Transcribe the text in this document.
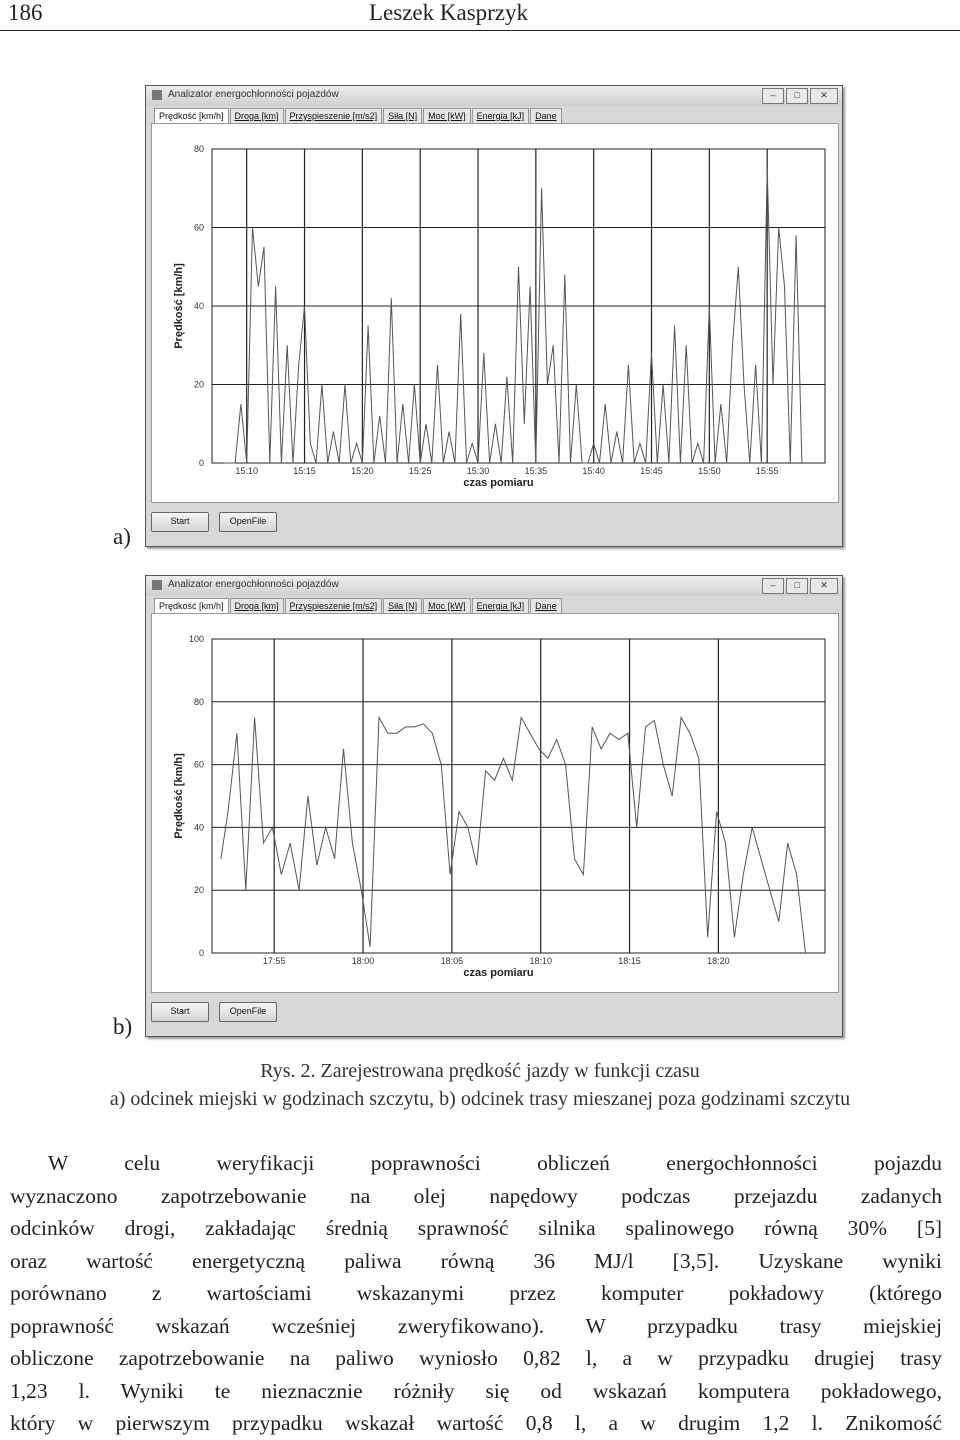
186	Leszek Kasprzyk
a)
Analizator energochłonności pojazdów	–	□	✕
Prędkość [km/h]	Droga [km]	Przyspieszenie [m/s2]	Siła [N]	Moc [kW]	Energia [kJ]	Dane
0
20
40
60
80
15:10	15:15	15:20	15:25	15:30	15:35	15:40	15:45	15:50	15:55
Prędkość [km/h]
czas pomiaru
Start	OpenFile
b)
Analizator energochłonności pojazdów	–	□	✕
Prędkość [km/h]	Droga [km]	Przyspieszenie [m/s2]	Siła [N]	Moc [kW]	Energia [kJ]	Dane
0
20
40
60
80
100
17:55	18:00	18:05	18:10	18:15	18:20
Prędkość [km/h]
czas pomiaru
Start	OpenFile
Rys. 2. Zarejestrowana prędkość jazdy w funkcji czasu
a) odcinek miejski w godzinach szczytu, b) odcinek trasy mieszanej poza godzinami szczytu
W celu weryfikacji poprawności obliczeń energochłonności pojazdu
wyznaczono zapotrzebowanie na olej napędowy podczas przejazdu zadanych
odcinków drogi, zakładając średnią sprawność silnika spalinowego równą 30% [5]
oraz wartość energetyczną paliwa równą 36 MJ/l [3,5]. Uzyskane wyniki
porównano z wartościami wskazanymi przez komputer pokładowy (którego
poprawność wskazań wcześniej zweryfikowano). W przypadku trasy miejskiej
obliczone zapotrzebowanie na paliwo wyniosło 0,82 l, a w przypadku drugiej trasy
1,23 l. Wyniki te nieznacznie różniły się od wskazań komputera pokładowego,
który w pierwszym przypadku wskazał wartość 0,8 l, a w drugim 1,2 l. Znikomość
